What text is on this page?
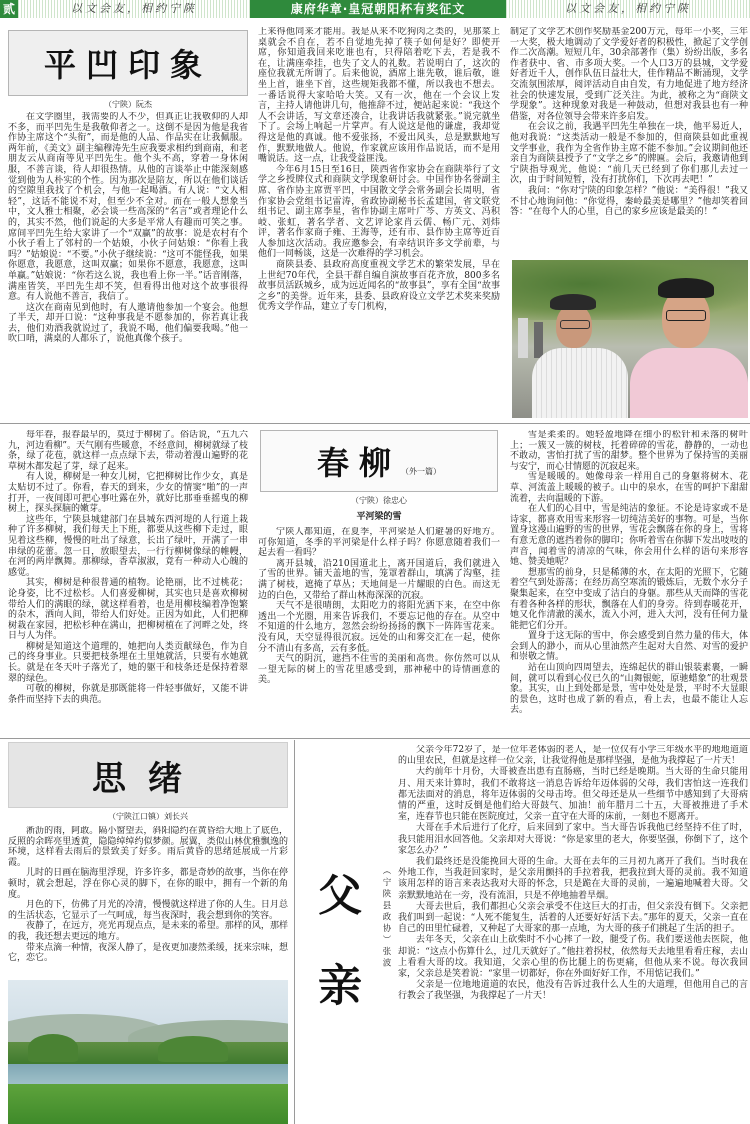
贰	以文会友，相约宁陕	康府华章·皇冠朝阳杯有奖征文	以文会友，相约宁陕
平凹印象
（宁陕）阮杰

在文学圈里，我需要的人不少，但真正让我敬仰的人却不多，而平凹先生是我敬仰者之一。这倒不是因为他是我省作协主席这个“头衔”，而是他的人品、作品实在让我佩服。两年前，《美文》副主编穆涛先生应我要求相约到商南，和老朋友云从商南等见平凹先生。他个头不高，穿着一身休闲服，不善言谈，待人却很热情。从他的言谈举止中能深刻感觉到他为人朴实的个性。因为那次是陪友，所以在他们谈话的空隙里我找了个机会，与他一起喝酒。有人说：“文人相轻”，这话不能说不对，但至少不全对。而在一般人想象当中，文人雅士相聚，必会谈一些高深的“名言”或者理论什么的，其实不然，他们说起的大多是平常人有趣而可笑之事。席间平凹先生给大家讲了一个“双赢”的故事：说是农村有个小伙子看上了邻村的一个姑娘，小伙子问姑娘：“你看上我吗？”姑娘说：“不要。”小伙子继续说：“这可不能怪我，如果你愿意，我愿意，这叫双赢；如果你不愿意，我愿意，这叫单赢。”姑娘说：“你若这么说，我也看上你一半。”话音刚落，满座皆笑，平凹先生却不笑，但看得出他对这个故事很得意。有人说他不善言，我信了。

这次在商南见到他时，有人邀请他参加一个宴会。他想了半天，却开口说：“这种事我是不愿参加的，你若真让我去，他们劝酒我就说过了，我说不喝，他们偏要我喝。”他一吹口哨，满桌的人都乐了，说他真像个孩子。

上来得他同来才能用。我是从来不吃狗肉之类的，见那菜上桌就会不自在，若不自觉地先掉了筷子如何是好？即使开席，你知道我回来吃谁也有，只得陪着吃下去，若是我不在，让满座牵挂，也失了文人的礼数。若说明白了，这次的座位我就无所谓了。后来他说，酒席上谁先敬，谁后敬，谁坐上首，谁坐下首，这些规矩我都不懂，所以我也不想去。一番话说得大家哈哈大笑。又有一次，他在一个会议上发言，主持人请他讲几句，他推辞不过，便站起来说：“我这个人不会讲话，写文章还凑合，让我讲话我就紧张。”说完就坐下了。会场上响起一片掌声。有人说这是他的谦虚，我却觉得这是他的真诚。他不爱张扬，不爱出风头，总是默默地写作，默默地做人。他说，作家就应该用作品说话，而不是用嘴说话。这一点，让我受益匪浅。

今年6月15日至16日，陕西省作家协会在商陕举行了文学之乡授牌仪式和商陕文学现象研讨会。中国作协名誉副主席、省作协主席贾平凹，中国散文学会常务副会长周明，省作家协会党组书记雷涛，省政协副秘书长孟建国，省文联党组书记、副主席李星，省作协副主席叶广芩、方英文、冯积岐、张虹，著名学者、文艺评论家肖云儒、畅广元、刘炜评，著名作家商子雍、王海等，还有市、县作协主席等近百人参加这次活动。我应邀参会，有幸结识许多文学前辈，与他们一同畅谈，这是一次难得的学习机会。

商陕县委、县政府高度重视文学艺术的繁荣发展，早在上世纪70年代，全县干群自编自演故事百花齐放，800多名故事员活跃城乡，成为远近闻名的“故事县”，享有全国“故事之乡”的美誉。近年来，县委、县政府设立文学艺术奖来奖励优秀文学作品，建立了专门机构，

制定了文学艺术创作奖励基金200万元，每年一小奖，三年一大奖，极大地调动了文学爱好者的积极性，掀起了文学创作二次高潮。短短几年，30余部著作（集）纷纷出版，多名作者获中、省、市多项大奖。一个人口3万的县城，文学爱好者近千人，创作队伍日益壮大，佳作精品不断涌现，文学交流氛围浓厚，阅评活动自由自发，有力地促进了地方经济社会的快速发展，受到广泛关注。为此，被称之为“商陕文学现象”。这种现象对我是一种鼓动，但想对我县也有一种借鉴，对各位领导会带来许多启发。

在会议之前，我遇平凹先生单独在一块，他平易近人，他对我说：“这类活动一般是不参加的，但商陕县如此重视文学事业，我作为全省作协主席不能不参加。”会议期间他还亲自为商陕县授予了“文学之乡”的牌匾。会后，我邀请他到宁陕指导观光，他说：“前几天已经到了你们那儿去过一次，由于时间短暂，没有打扰你们，下次再去吧！”

我问：“你对宁陕的印象怎样？”他说：“美得很！”我又不甘心地询问他：“你觉得，秦岭最美是哪里？”他却笑着回答：“在每个人的心里，自己的家乡应该是最美的！”

每年春，报春最早的，莫过于柳树了。俗话说，“五九六九，河边看柳”。天气刚有些暖意，不经意间，柳树就绿了枝条，绿了花苞，就这样一点点绿下去，带动着漫山遍野的花草树木都发起了芽，绿了起来。

有人说，柳树是一种女儿树，它把柳树比作少女，真是太贴切不过了。你看，春天的到来，少女的情窦“啪”的一声打开，一夜间即可把心事吐露在外，就好比那垂垂摇曳的柳树上，探头探脑的嫩芽。

这些年，宁陕县城建部门在县城东西河堤的人行道上栽种了许多柳树，我们每天上下班，都要从这些柳下走过，眼见着这些柳，慢慢的吐出了绿意，长出了绿叶，开满了一串串绿的花蕾。忽一日，放眼望去，一行行柳树像绿的帷幔，在河的两岸飘舞。那柳绿，香草淑淑，竟有一种动人心魄的感觉。

其实，柳树是种很普通的植物。论艳丽，比不过桃花；论身姿，比不过松杉。人们喜爱柳树，其实也只是喜欢柳树带给人们的满眼的绿，就这样看着，也是用柳枝编着净饱繁的杂木，洒向人间，带给人们好处。正因为如此，人们把柳树栽在家园，把松杉种在满山，把柳树植在了河畔之处，终日与人为伴。

柳树是知道这个道理的，她把向人类贡献绿色，作为自己的终身事业。只要把枝条埋在土里她就活，只要有水她就长。就是在冬天叶子落光了，她的躯干和枝条还是保持着翠翠的绿色。

可敬的柳树，你就是那既能将一件轻事做好，又能不讲条件而坚持下去的典范。

春柳 （外一篇）
（宁陕）徐忠心
平河梁的雪

宁陕人都知道，在夏季，平河梁是人们避暑的好地方。可你知道，冬季的平河梁是什么样子吗？你愿意随着我们一起去看一看吗？

离开县城，沿210国道北上，离开国道后，我们就进入了雪的世界。铺天盖地的雪，笼罩着群山，填满了沟壑，挂满了树枝，遮掩了草丛；天地间是一片耀眼的白色。而这无边的白色，又带给了群山林海深深的沉寂。

天气不是很晴朗，太阳吃力的将阳光洒下来，在空中你透出一个光圈，用来告诉我们，不要忘记他的存在。从空中不知道的什么地方，忽然会纷纷扬扬的飘下一阵阵雪花来。没有风，天空显得很沉寂。远处的山和雾交汇在一起，使你分不清山有多高，云有多低。

天气的阴沉，遮挡不住雪的美丽和高贵。你仿然可以从一望无际的树上的雪花里感受到，那神秘中的诗情画意的美。

雪是柔柔的。她轻盈地降在细小的松针和未落的树叶上；一簇又一簇的树枝，托着碎碎的雪花，静静的，一动也不敢动，害怕打扰了雪的甜梦。整个世界为了保持雪的美丽与安宁，而心甘情愿的沉寂起来。

雪是暖暖的。她像母亲一样用自己的身躯将树木、花草、河流盖上暖暖的被子。山中的泉水，在雪的呵护下甜甜流着，去向温暖的下游。

在人们的心目中，雪是纯洁的象征。不论是诗家或不是诗家，都喜欢用雪来形容一切纯洁美好的事物。可是，当你置身这漫山遍野的雪的世界，雪花会飘落在你的身上，雪将有意无意的遮挡着你的脚印；你听着雪在你脚下发出吱吱的声音，闻着雪的清凉的气味，你会用什么样的语句来形容她、赞美她呢？

想那雪的前身，只是稀薄的水，在太阳的光照下，它随着空气到处游荡；在经历高空寒流的锻炼后，无数个水分子聚集起来，在空中变成了洁白的身躯。那些从天而降的雪花有着各种各样的形状，飘落在人们的身旁。待到春暖花开，她又化作清澈的溪水，流入小河，进入大河，没有任何力量能把它们分开。

置身于这无际的雪中，你会感受到自然力量的伟大，体会到人的渺小，而从心里油然产生起对大自然、对雪的爱护和崇敬之情。

站在山顶向四周望去，连绵起伏的群山银装素裹，一瞬间，就可以看到心仪已久的“山舞银蛇，原驰蜡象”的壮观景象。其实，山上到处都是景，雪中处处是景，平时不大显眼的景色，这时也成了新的看点，看上去，也最不能让人忘去。

思绪
（宁陕江口镇）刘长兴

淅沥的雨，阿敢。隔小窗望去，斜阳隐约在黄昏给大地上了底色，反照的余晖亮里透黄，隐隐绰绰约似梦颜。展翼，类似山林优雅飘逸的环境，这样看去雨后的景致美了好多。雨后黄昏的思绪延展成一片彩霞。

儿时的日画在脑海里浮现，许多许多，都是奇妙的故事，当你在停顿时，就会想起，浮在你心灵的脚下，在你的眼中，拥有一个新的角度。

月色的下，仿佛了月光的冷清，慢慢就这样进了你的人生。日月总的生活状态，它显示了一气呵成，每当夜深时，我会想到你的笑容。

夜静了，在远方，亮光再现点点，是未来的希望。那样的风，那样的我，我还想去更远的地方。

带来点滴一种情，夜深人静了，是夜更加凄然柔缓，抚来宗味，想它，恋它。	父亲 （宁陕县政协）张波

父亲今年72岁了，是一位年老体弱的老人，是一位仅有小学三年级水平的地地道道的山里农民，但就是这样一位父亲，让我觉得他是那样坚强，是他为我撑起了一片天！

大约前年十月份，大哥被查出患有直肠癌，当时已经是晚期。当大哥的生命只能用月、用天来计算时，我们不敢将这一消息告诉给年迈体弱的父母，我们害怕这一连我们都无法面对的消息，将年迈体弱的父母击垮。但父母还是从一些细节中感知到了大哥病情的严重，这时反倒是他们给大哥鼓气、加油！前年腊月二十五，大哥被推进了手术室，连春节也只能在医院度过，父亲一直守在大哥的床前，一刻也不愿离开。

大哥在手术后进行了化疗，后来回到了家中。当大哥告诉我他已经坚持不住了时，我只能用泪水回答他。父亲却对大哥说：“你是家里的老大，你要坚强，你倒下了，这个家怎么办？”

我们最终还是没能挽回大哥的生命。大哥在去年的三月初九离开了我们。当时我在外地工作，当我赶回家时，是父亲用颤抖的手拉着我，把我拉到大哥的灵前。我不知道该用怎样的语言来表达我对大哥的怀念，只是跪在大哥的灵前，一遍遍地喊着大哥。父亲默默地站在一旁，没有流泪，只是不停地抽着旱烟。

大哥去世后，我们都担心父亲会承受不住这巨大的打击，但父亲没有倒下。父亲把我们叫到一起说：“人死不能复生，活着的人还要好好活下去。”那年的夏天，父亲一直在自己的田里忙碌着，又种起了大哥家的那一点地，为大哥的孩子们挑起了生活的担子。

去年冬天，父亲在山上砍柴时不小心摔了一跤，腿受了伤。我们要送他去医院，他却说：“这点小伤算什么，过几天就好了。”他拄着拐杖，依然每天去地里看看庄稼，去山上看看大哥的坟。我知道，父亲心里的伤比腿上的伤更痛，但他从来不说。每次我回家，父亲总是笑着说：“家里一切都好，你在外面好好工作，不用惦记我们。”

父亲是一位地地道道的农民，他没有告诉过我什么人生的大道理，但他用自己的言行教会了我坚强，为我撑起了一片天！
